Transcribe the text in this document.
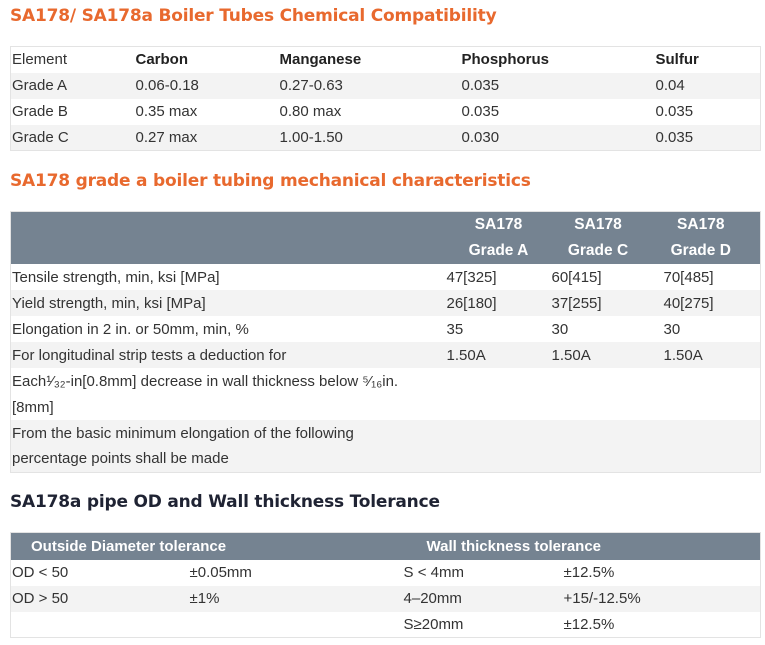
SA178/ SA178a Boiler Tubes Chemical Compatibility
Element	Carbon	Manganese	Phosphorus	Sulfur
Grade A	0.06-0.18	0.27-0.63	0.035	0.04
Grade B	0.35 max	0.80 max	0.035	0.035
Grade C	0.27 max	1.00-1.50	0.030	0.035
SA178 grade a boiler tubing mechanical characteristics
	SA178	SA178	SA178
	Grade A	Grade C	Grade D
Tensile strength, min, ksi [MPa]	47[325]	60[415]	70[485]
Yield strength, min, ksi [MPa]	26[180]	37[255]	40[275]
Elongation in 2 in. or 50mm, min, %	35	30	30
For longitudinal strip tests a deduction for	1.50A	1.50A	1.50A
Each¹⁄₃₂-in[0.8mm] decrease in wall thickness below ⁵⁄₁₆in.			
[8mm]			
From the basic minimum elongation of the following			
percentage points shall be made			
SA178a pipe OD and Wall thickness Tolerance
Outside Diameter tolerance		Wall thickness tolerance	
OD < 50	±0.05mm	S < 4mm	±12.5%
OD > 50	±1%	4–20mm	+15/-12.5%
		S≥20mm	±12.5%
